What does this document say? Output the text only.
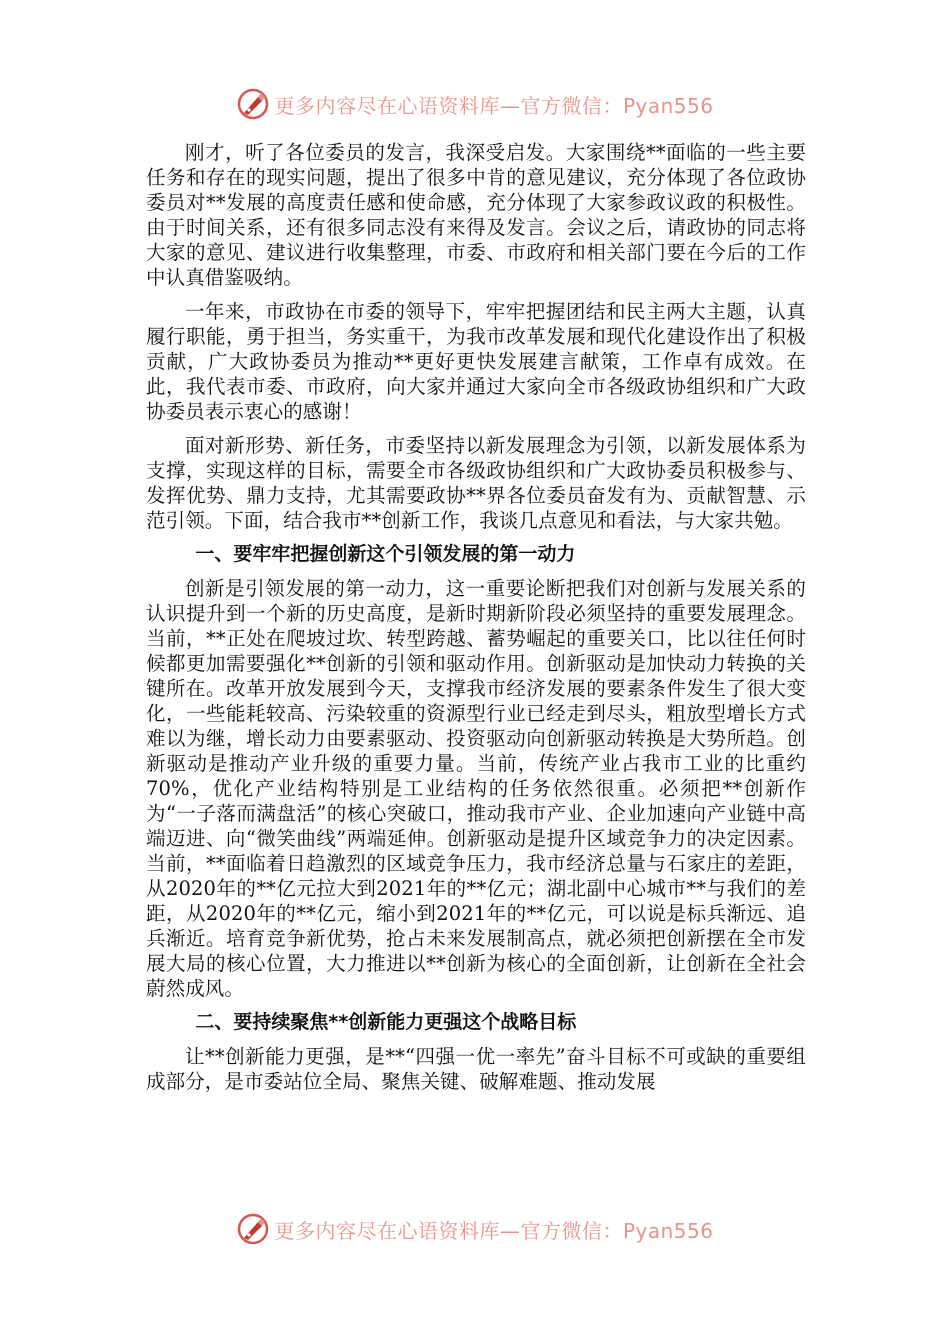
更多内容尽在心语资料库—官方微信：Pyan556

刚才，听了各位委员的发言，我深受启发。大家围绕**面临的一些主要任务和存在的现实问题，提出了很多中肯的意见建议，充分体现了各位政协委员对**发展的高度责任感和使命感，充分体现了大家参政议政的积极性。由于时间关系，还有很多同志没有来得及发言。会议之后，请政协的同志将大家的意见、建议进行收集整理，市委、市政府和相关部门要在今后的工作中认真借鉴吸纳。

一年来，市政协在市委的领导下，牢牢把握团结和民主两大主题，认真履行职能，勇于担当，务实重干，为我市改革发展和现代化建设作出了积极贡献，广大政协委员为推动**更好更快发展建言献策，工作卓有成效。在此，我代表市委、市政府，向大家并通过大家向全市各级政协组织和广大政协委员表示衷心的感谢！

面对新形势、新任务，市委坚持以新发展理念为引领，以新发展体系为支撑，实现这样的目标，需要全市各级政协组织和广大政协委员积极参与、发挥优势、鼎力支持，尤其需要政协**界各位委员奋发有为、贡献智慧、示范引领。下面，结合我市**创新工作，我谈几点意见和看法，与大家共勉。

一、要牢牢把握创新这个引领发展的第一动力

创新是引领发展的第一动力，这一重要论断把我们对创新与发展关系的认识提升到一个新的历史高度，是新时期新阶段必须坚持的重要发展理念。当前，**正处在爬坡过坎、转型跨越、蓄势崛起的重要关口，比以往任何时候都更加需要强化**创新的引领和驱动作用。创新驱动是加快动力转换的关键所在。改革开放发展到今天，支撑我市经济发展的要素条件发生了很大变化，一些能耗较高、污染较重的资源型行业已经走到尽头，粗放型增长方式难以为继，增长动力由要素驱动、投资驱动向创新驱动转换是大势所趋。创新驱动是推动产业升级的重要力量。当前，传统产业占我市工业的比重约70%，优化产业结构特别是工业结构的任务依然很重。必须把**创新作为“一子落而满盘活”的核心突破口，推动我市产业、企业加速向产业链中高端迈进、向“微笑曲线”两端延伸。创新驱动是提升区域竞争力的决定因素。当前，**面临着日趋激烈的区域竞争压力，我市经济总量与石家庄的差距，从2020年的**亿元拉大到2021年的**亿元；湖北副中心城市**与我们的差距，从2020年的**亿元，缩小到2021年的**亿元，可以说是标兵渐远、追兵渐近。培育竞争新优势，抢占未来发展制高点，就必须把创新摆在全市发展大局的核心位置，大力推进以**创新为核心的全面创新，让创新在全社会蔚然成风。

二、要持续聚焦**创新能力更强这个战略目标

让**创新能力更强，是**“四强一优一率先”奋斗目标不可或缺的重要组成部分，是市委站位全局、聚焦关键、破解难题、推动发展

更多内容尽在心语资料库—官方微信：Pyan556
